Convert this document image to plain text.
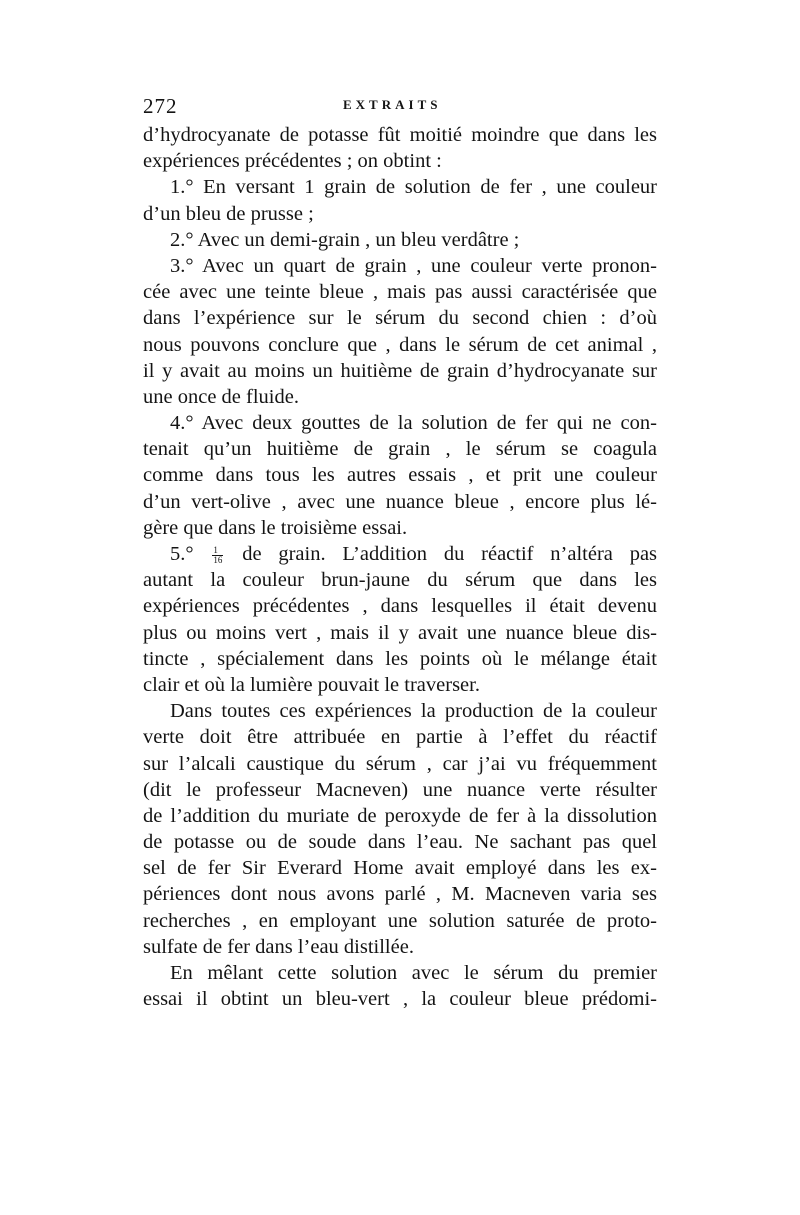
272	EXTRAITS
d’hydrocyanate de potasse fût moitié moindre que dans les
expériences précédentes ; on obtint :
1.° En versant 1 grain de solution de fer , une couleur
d’un bleu de prusse ;
2.° Avec un demi-grain , un bleu verdâtre ;
3.° Avec un quart de grain , une couleur verte pronon-
cée avec une teinte bleue , mais pas aussi caractérisée que
dans l’expérience sur le sérum du second chien : d’où
nous pouvons conclure que , dans le sérum de cet animal ,
il y avait au moins un huitième de grain d’hydrocyanate sur
une once de fluide.
4.° Avec deux gouttes de la solution de fer qui ne con-
tenait qu’un huitième de grain , le sérum se coagula
comme dans tous les autres essais , et prit une couleur
d’un vert-olive , avec une nuance bleue , encore plus lé-
gère que dans le troisième essai.
$5.^\circ \frac{1}{16}$ de grain. L’addition du réactif n’altéra pas
autant la couleur brun-jaune du sérum que dans les
expériences précédentes , dans lesquelles il était devenu
plus ou moins vert , mais il y avait une nuance bleue dis-
tincte , spécialement dans les points où le mélange était
clair et où la lumière pouvait le traverser.
Dans toutes ces expériences la production de la couleur
verte doit être attribuée en partie à l’effet du réactif
sur l’alcali caustique du sérum , car j’ai vu fréquemment
(dit le professeur Macneven) une nuance verte résulter
de l’addition du muriate de peroxyde de fer à la dissolution
de potasse ou de soude dans l’eau. Ne sachant pas quel
sel de fer Sir Everard Home avait employé dans les ex-
périences dont nous avons parlé , M. Macneven varia ses
recherches , en employant une solution saturée de proto-
sulfate de fer dans l’eau distillée.
En mêlant cette solution avec le sérum du premier
essai il obtint un bleu-vert , la couleur bleue prédomi-
